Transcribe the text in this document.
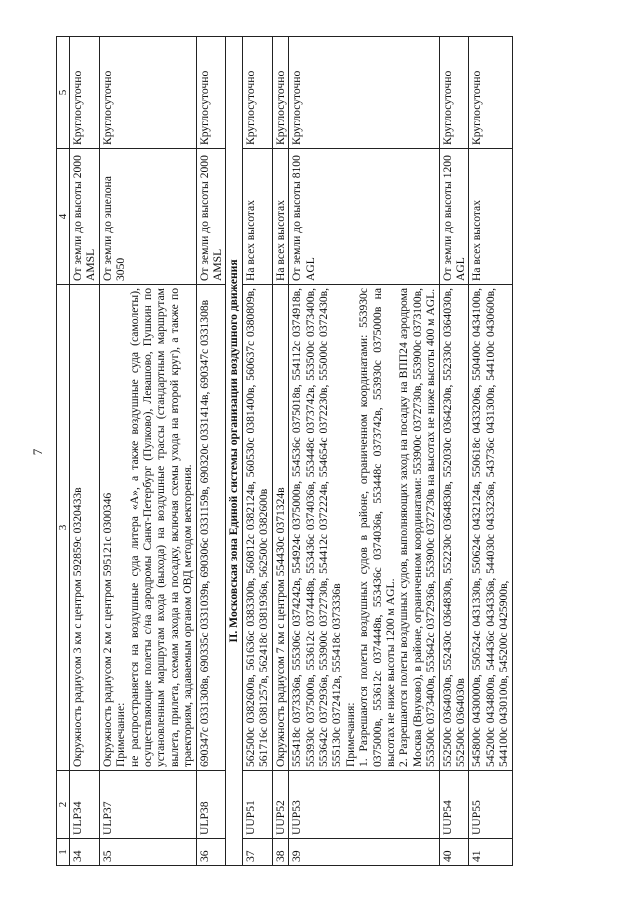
7
1	2	3	4	5
34	ULP34	Окружность радиусом 3 км с центром 592859с 0320433в	От земли до высоты 2000 AMSL	Круглосуточно
35	ULP37	Окружность радиусом 2 км с центром 595121с 0300346 Примечание: не распространяется на воздушные суда литера «А», а также воздушные суда (самолеты), осуществляющие полеты с/на аэродромы Санкт-Петербург (Пулково), Левашово, Пушкин по установленным маршрутам входа (выхода) на воздушные трассы (стандартным маршрутам вылета, прилета, схемам захода на посадку, включая схемы ухода на второй круг), а также по траекториям, задаваемым органом ОВД методом векторения.	От земли до эшелона 3050	Круглосуточно
36	ULP38	690347с 0331308в, 690335с 0331039в, 690306с 0331159в, 690320с 0331414в, 690347с 0331308в	От земли до высоты 2000 AMSL	Круглосуточно
II. Московская зона Единой системы организации воздушного движения				
37	UUP51	562500с 0382600в, 561636с 0383300в, 560812с 0382124в, 560530с 0381400в, 560637с 0380809в, 561716с 0381257в, 562418с 0381936в, 562500с 0382600в	На всех высотах	Круглосуточно
38	UUP52	Окружность радиусом 7 км с центром 554430с 0371324в	На всех высотах	Круглосуточно
39	UUP53	555418с 0373336в, 555306с 0374242в, 554924с 0375000в, 554536с 0375018в, 554112с 0374918в, 553930с 0375000в, 553612с 0374448в, 553436с 0374036в, 553448с 0373742в, 553500с 0373400в, 553642с 0372936в, 553900с 0372730в, 554412с 0372224в, 554654с 0372230в, 555000с 0372430в, 555130с 0372412в, 555418с 0373336в Примечания: 1. Разрешаются полеты воздушных судов в районе, ограниченном координатами: 553930с 0375000в, 553612с 0374448в, 553436с 0374036в, 553448с 0373742в, 553930с 0375000в на высотах не ниже высоты 1200 м AGL. 2. Разрешаются полеты воздушных судов, выполняющих заход на посадку на ВПП24 аэродрома Москва (Внуково), в районе, ограниченном координатами: 553900с 0372730в, 553900с 0373100в, 553500с 0373400в, 553642с 0372936в, 553900с 0372730в на высотах не ниже высоты 400 м AGL.	От земли до высоты 8100 AGL	Круглосуточно
40	UUP54	552500с 0364030в, 552430с 0364830в, 552230с 0364830в, 552030с 0364230в, 552330с 0364030в, 552500с 0364030в	От земли до высоты 1200 AGL	Круглосуточно
41	UUP55	545800с 0430000в, 550524с 0431330в, 550624с 0432124в, 550618с 0433206в, 550400с 0434100в, 545200с 0434800в, 544436с 0434336в, 544030с 0433236в, 543736с 0431300в, 544100с 0430600в, 544100с 0430100в, 545200с 0425900в,	На всех высотах	Круглосуточно
